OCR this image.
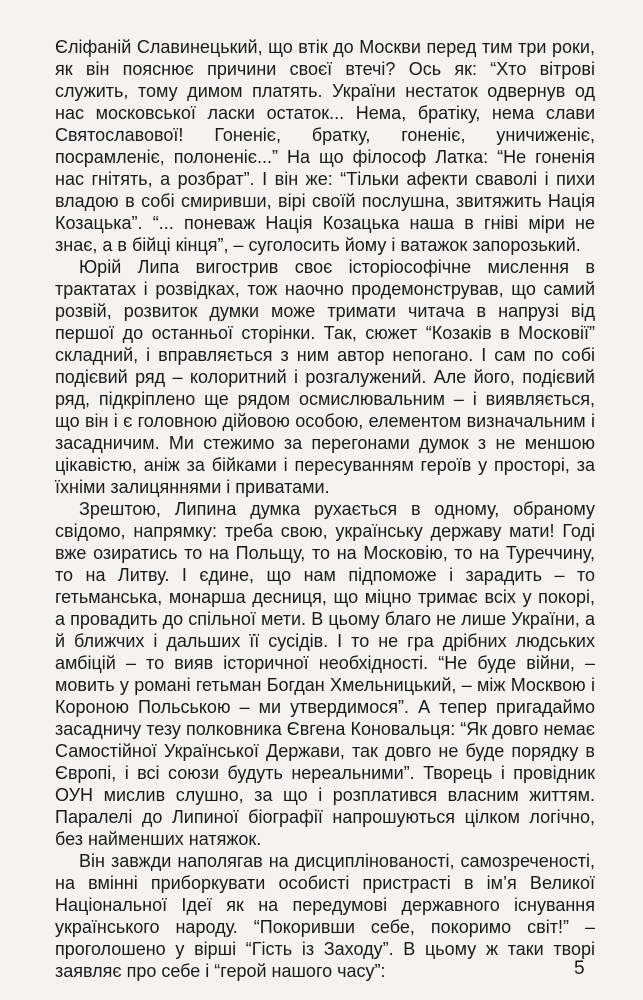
Єліфаній Славинецький, що втік до Москви перед тим три роки, як він пояснює причини своєї втечі? Ось як: “Хто вітрові служить, тому димом платять. України нестаток одвернув од нас московської ласки остаток... Нема, братіку, нема слави Святославової! Гоненіє, братку, гоненіє, уничиженіє, посрамленіє, полоненіє...” На що філософ Латка: “Не гоненія нас гнітять, а розбрат”. І він же: “Тільки афекти сваволі і пихи владою в собі смиривши, вірі своїй послушна, звитяжить Нація Козацька”. “... поневаж Нація Козацька наша в гніві міри не знає, а в бійці кінця”, – суголосить йому і ватажок запорозький.

Юрій Липа вигострив своє історіософічне мислення в трактатах і розвідках, тож наочно продемонстрував, що самий розвій, розвиток думки може тримати читача в напрузі від першої до останньої сторінки. Так, сюжет “Козаків в Московії” складний, і вправляється з ним автор непогано. І сам по собі подієвий ряд – колоритний і розгалужений. Але його, подієвий ряд, підкріплено ще рядом осмислювальним – і виявляється, що він і є головною дійовою особою, елементом визначальним і засадничим. Ми стежимо за перегонами думок з не меншою цікавістю, аніж за бійками і пересуванням героїв у просторі, за їхніми залицяннями і приватами.

Зрештою, Липина думка рухається в одному, обраному свідомо, напрямку: треба свою, українську державу мати! Годі вже озиратись то на Польщу, то на Московію, то на Туреччину, то на Литву. І єдине, що нам підпоможе і зарадить – то гетьманська, монарша десниця, що міцно тримає всіх у покорі, а провадить до спільної мети. В цьому благо не лише України, а й ближчих і дальших її сусідів. І то не гра дрібних людських амбіцій – то вияв історичної необхідності. “Не буде війни, – мовить у романі гетьман Богдан Хмельницький, – між Москвою і Короною Польською – ми утвердимося”. А тепер пригадаймо засадничу тезу полковника Євгена Коновальця: “Як довго немає Самостійної Української Держави, так довго не буде порядку в Європі, і всі союзи будуть нереальними”. Творець і провідник ОУН мислив слушно, за що і розплатився власним життям. Паралелі до Липиної біографії напрошуються цілком логічно, без найменших натяжок.

Він завжди наполягав на дисциплінованості, самозреченості, на вмінні приборкувати особисті пристрасті в ім’я Великої Національної Ідеї як на передумові державного існування українського народу. “Покоривши себе, покоримо світ!” – проголошено у вірші “Гість із Заходу”. В цьому ж таки творі заявляє про себе і “герой нашого часу”:	5
